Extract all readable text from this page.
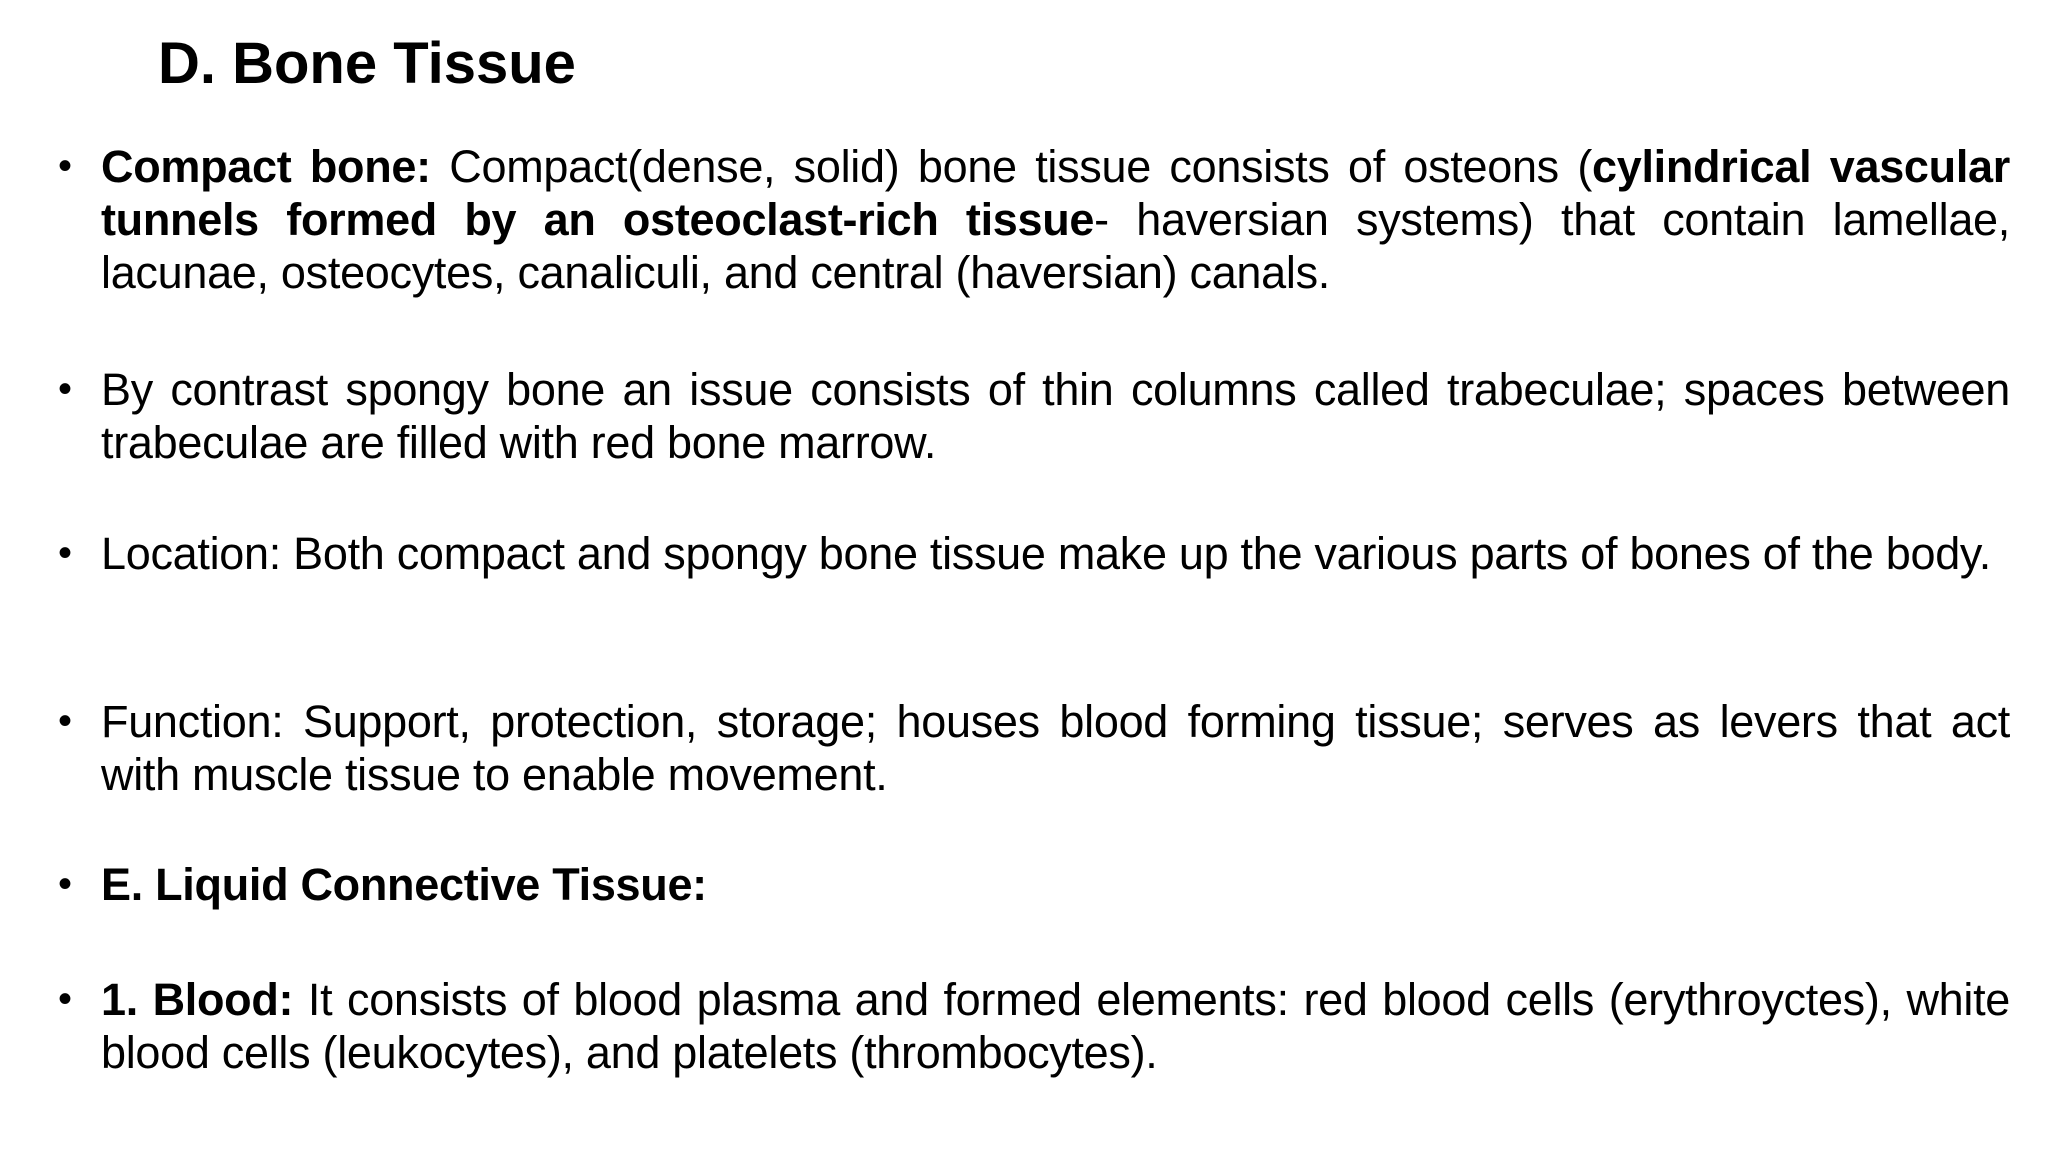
D. Bone Tissue
• Compact bone: Compact(dense, solid) bone tissue consists of osteons (cylindrical vascular tunnels formed by an osteoclast-rich tissue- haversian systems) that contain lamellae, lacunae, osteocytes, canaliculi, and central (haversian) canals.
• By contrast spongy bone an issue consists of thin columns called trabeculae; spaces between trabeculae are filled with red bone marrow.
• Location: Both compact and spongy bone tissue make up the various parts of bones of the body.
• Function: Support, protection, storage; houses blood forming tissue; serves as levers that act with muscle tissue to enable movement.
• E. Liquid Connective Tissue:
• 1. Blood: It consists of blood plasma and formed elements: red blood cells (erythroyctes), white blood cells (leukocytes), and platelets (thrombocytes).
